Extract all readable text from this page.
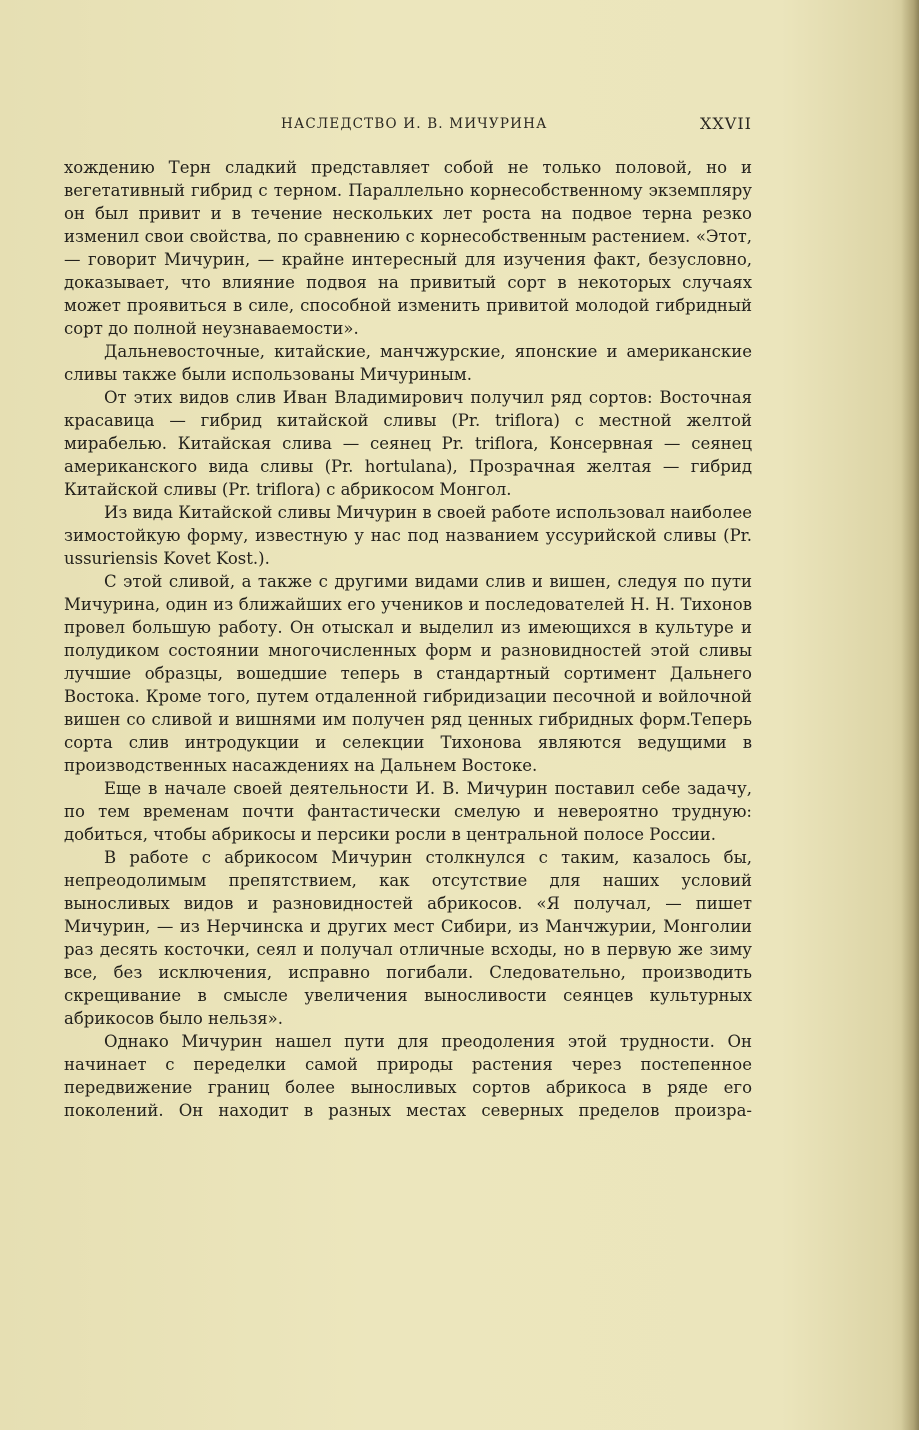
НАСЛЕДСТВО И. В. МИЧУРИНА	XXVII

хождению Терн сладкий представляет собой не только половой, но и вегетативный гибрид с терном. Параллельно корнесобственному экземпляру он был привит и в течение нескольких лет роста на подвое терна резко изменил свои свойства, по сравнению с корнесобственным растением. «Этот, — говорит Мичурин, — крайне интересный для изучения факт, безусловно, доказывает, что влияние подвоя на привитый сорт в некоторых случаях может проявиться в силе, способной изменить привитой молодой гибридный сорт до полной неузнаваемости».

Дальневосточные, китайские, манчжурские, японские и американские сливы также были использованы Мичуриным.

От этих видов слив Иван Владимирович получил ряд сортов: Восточная красавица — гибрид китайской сливы (Pr. triflora) с местной желтой мирабелью. Китайская слива — сеянец Pr. triflora, Консервная — сеянец американского вида сливы (Pr. hortulana), Прозрачная желтая — гибрид Китайской сливы (Pr. triflora) с абрикосом Монгол.

Из вида Китайской сливы Мичурин в своей работе использовал наиболее зимостойкую форму, известную у нас под названием уссурийской сливы (Pr. ussuriensis Kovet Kost.).

С этой сливой, а также с другими видами слив и вишен, следуя по пути Мичурина, один из ближайших его учеников и последователей Н. Н. Тихонов провел большую работу. Он отыскал и выделил из имеющихся в культуре и полудиком состоянии многочисленных форм и разновидностей этой сливы лучшие образцы, вошедшие теперь в стандартный сортимент Дальнего Востока. Кроме того, путем отдаленной гибридизации песочной и войлочной вишен со сливой и вишнями им получен ряд ценных гибридных форм.Теперь сорта слив интродукции и селекции Тихонова являются ведущими в производственных насаждениях на Дальнем Востоке.

Еще в начале своей деятельности И. В. Мичурин поставил себе задачу, по тем временам почти фантастически смелую и невероятно трудную: добиться, чтобы абрикосы и персики росли в центральной полосе России.

В работе с абрикосом Мичурин столкнулся с таким, казалось бы, непреодолимым препятствием, как отсутствие для наших условий выносливых видов и разновидностей абрикосов. «Я получал, — пишет Мичурин, — из Нерчинска и других мест Сибири, из Манчжурии, Монголии раз десять косточки, сеял и получал отличные всходы, но в первую же зиму все, без исключения, исправно погибали. Следовательно, производить скрещивание в смысле увеличения выносливости сеянцев культурных абрикосов было нельзя».

Однако Мичурин нашел пути для преодоления этой трудности. Он начинает с переделки самой природы растения через постепенное передвижение границ более выносливых сортов абрикоса в ряде его поколений. Он находит в разных местах северных пределов произра-
